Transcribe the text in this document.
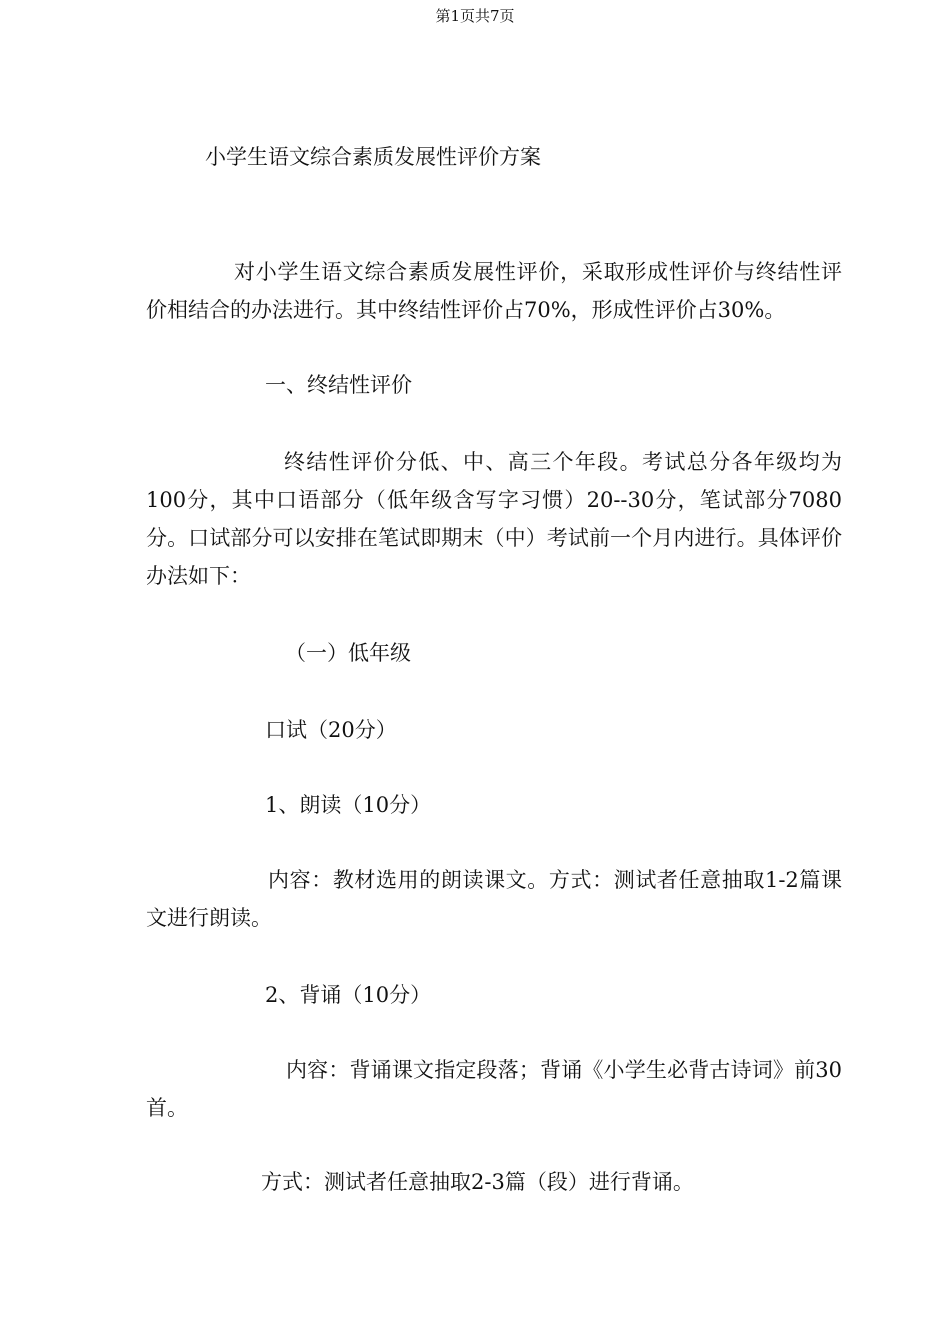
第1页共7页
小学生语文综合素质发展性评价方案
对小学生语文综合素质发展性评价，采取形成性评价与终结性评价相结合的办法进行。其中终结性评价占70%，形成性评价占30%。
一、终结性评价
终结性评价分低、中、高三个年段。考试总分各年级均为100分，其中口语部分（低年级含写字习惯）20--30分，笔试部分7080分。口试部分可以安排在笔试即期末（中）考试前一个月内进行。具体评价办法如下：
（一）低年级
口试（20分）
1、朗读（10分）
内容：教材选用的朗读课文。方式：测试者任意抽取1-2篇课文进行朗读。
2、背诵（10分）
内容：背诵课文指定段落；背诵《小学生必背古诗词》前30首。
方式：测试者任意抽取2-3篇（段）进行背诵。
